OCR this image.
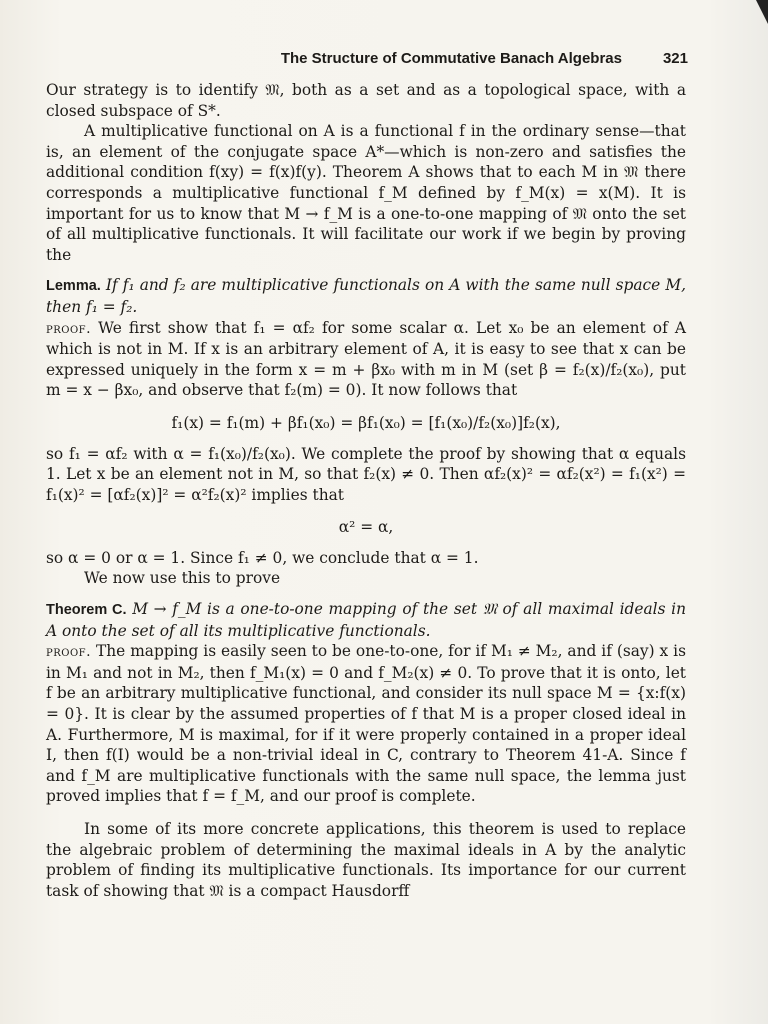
The Structure of Commutative Banach Algebras	321

Our strategy is to identify 𝔐, both as a set and as a topological space, with a closed subspace of S*.

A multiplicative functional on A is a functional f in the ordinary sense—that is, an element of the conjugate space A*—which is non-zero and satisfies the additional condition f(xy) = f(x)f(y). Theorem A shows that to each M in 𝔐 there corresponds a multiplicative functional f_M defined by f_M(x) = x(M). It is important for us to know that M → f_M is a one-to-one mapping of 𝔐 onto the set of all multiplicative functionals. It will facilitate our work if we begin by proving the

Lemma. If f₁ and f₂ are multiplicative functionals on A with the same null space M, then f₁ = f₂.

proof. We first show that f₁ = αf₂ for some scalar α. Let x₀ be an element of A which is not in M. If x is an arbitrary element of A, it is easy to see that x can be expressed uniquely in the form x = m + βx₀ with m in M (set β = f₂(x)/f₂(x₀), put m = x − βx₀, and observe that f₂(m) = 0). It now follows that

f₁(x) = f₁(m) + βf₁(x₀) = βf₁(x₀) = [f₁(x₀)/f₂(x₀)]f₂(x),

so f₁ = αf₂ with α = f₁(x₀)/f₂(x₀). We complete the proof by showing that α equals 1. Let x be an element not in M, so that f₂(x) ≠ 0. Then αf₂(x)² = αf₂(x²) = f₁(x²) = f₁(x)² = [αf₂(x)]² = α²f₂(x)² implies that

α² = α,

so α = 0 or α = 1. Since f₁ ≠ 0, we conclude that α = 1.

We now use this to prove

Theorem C. M → f_M is a one-to-one mapping of the set 𝔐 of all maximal ideals in A onto the set of all its multiplicative functionals.

proof. The mapping is easily seen to be one-to-one, for if M₁ ≠ M₂, and if (say) x is in M₁ and not in M₂, then f_M₁(x) = 0 and f_M₂(x) ≠ 0. To prove that it is onto, let f be an arbitrary multiplicative functional, and consider its null space M = {x:f(x) = 0}. It is clear by the assumed properties of f that M is a proper closed ideal in A. Furthermore, M is maximal, for if it were properly contained in a proper ideal I, then f(I) would be a non-trivial ideal in C, contrary to Theorem 41-A. Since f and f_M are multiplicative functionals with the same null space, the lemma just proved implies that f = f_M, and our proof is complete.

In some of its more concrete applications, this theorem is used to replace the algebraic problem of determining the maximal ideals in A by the analytic problem of finding its multiplicative functionals. Its importance for our current task of showing that 𝔐 is a compact Hausdorff
